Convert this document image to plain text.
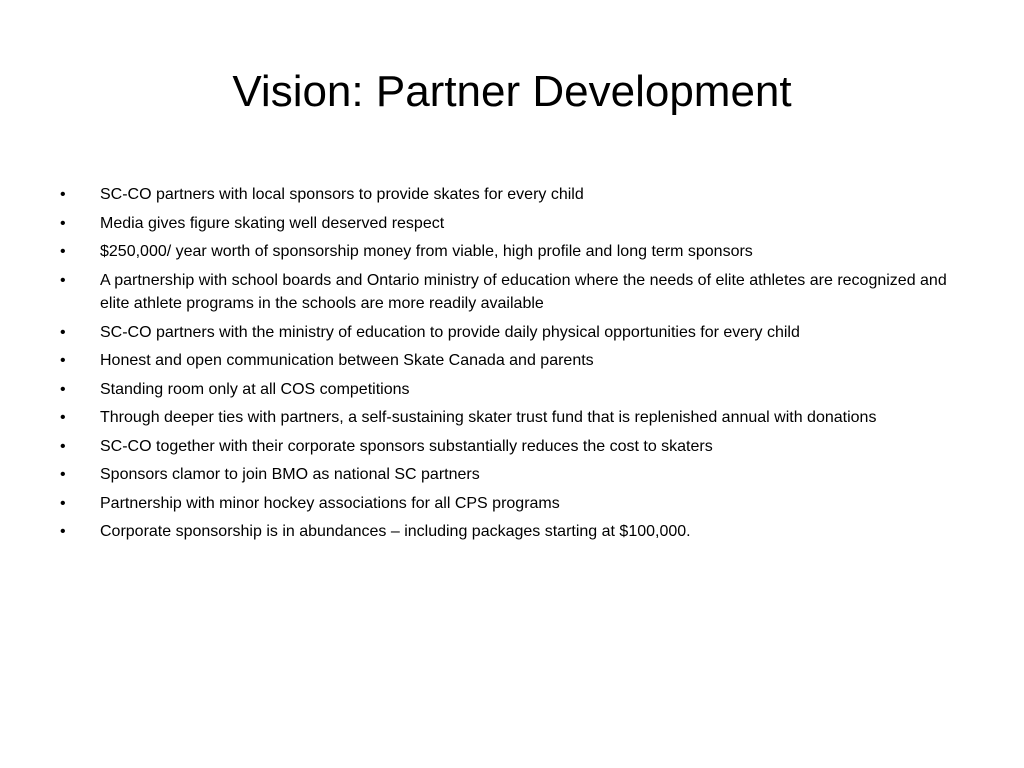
Vision: Partner Development
•	SC-CO partners with local sponsors to provide skates for every child
•	Media gives figure skating well deserved respect
•	$250,000/ year worth of sponsorship money from viable, high profile and long term sponsors
•	A partnership with school boards and Ontario ministry of education where the needs of elite athletes are recognized and elite athlete programs in the schools are more readily available
•	SC-CO partners with the ministry of education to provide daily physical opportunities for every child
•	Honest and open communication between Skate Canada and parents
•	Standing room only at all COS competitions
•	Through deeper ties with partners, a self-sustaining skater trust fund that is replenished annual with donations
•	SC-CO together with their corporate sponsors substantially reduces the cost to skaters
•	Sponsors clamor to join BMO as national SC partners
•	Partnership with minor hockey associations for all CPS programs
•	Corporate sponsorship is in abundances – including packages starting at $100,000.
